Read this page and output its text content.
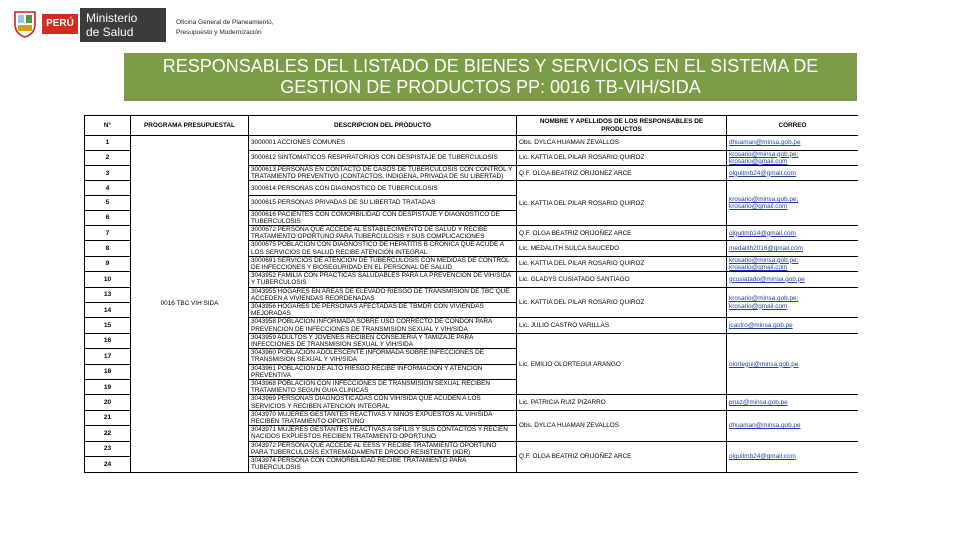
PERÚ	Ministerio
de Salud
Oficina General de Planeamiento,
Presupuesto y Modernización
RESPONSABLES DEL LISTADO DE BIENES Y SERVICIOS EN EL SISTEMA DE
GESTION DE PRODUCTOS PP: 0016 TB-VIH/SIDA
N°	PROGRAMA PRESUPUESTAL	DESCRIPCION DEL PRODUCTO	NOMBRE Y APELLIDOS DE LOS RESPONSABLES DE PRODUCTOS	CORREO
1	0016 TBC VIH SIDA	3000001 ACCIONES COMUNES	Obs. DYLCA HUAMAN ZEVALLOS	dhuaman@minsa.gob.pe
2		3000612 SINTOMATICOS RESPIRATORIOS CON DESPISTAJE DE TUBERCULOSIS	Lic. KATTIA DEL PILAR ROSARIO QUIROZ	krosario@minsa.gob.pe; krosario@gmail.com
3		3000613 PERSONAS EN CONTACTO DE CASOS DE TUBERCULOSIS CON CONTROL Y TRATAMIENTO PREVENTIVO (CONTACTOS, INDIGENA, PRIVADA DE SU LIBERTAD)	Q.F. OLGA BEATRIZ ORIJONEZ ARCE	olguitmb24@gmail.com
4		3000614 PERSONAS CON DIAGNOSTICO DE TUBERCULOSIS	Lic. KATTIA DEL PILAR ROSARIO QUIROZ	krosario@minsa.gob.pe; krosario@gmail.com
5		3000615 PERSONAS PRIVADAS DE SU LIBERTAD TRATADAS		
6		3000616 PACIENTES CON COMORBILIDAD CON DESPISTAJE Y DIAGNOSTICO DE TUBERCULOSIS		
7		3000672 PERSONA QUE ACCEDE AL ESTABLECIMIENTO DE SALUD Y RECIBE TRATAMIENTO OPORTUNO PARA TUBERCULOSIS Y SUS COMPLICACIONES	Q.F. OLGA BEATRIZ ORIJOÑEZ ARCE	olguitmb24@gmail.com
8		3000675 POBLACION CON DIAGNOSTICO DE HEPATITIS B CRONICA QUE ACUDE A LOS SERVICIOS DE SALUD RECIBE ATENCION INTEGRAL	Lic. MEDALITH SULCA SAUCEDO	medalith2016@gmail.com
9		3000691 SERVICIOS DE ATENCION DE TUBERCULOSIS CON MEDIDAS DE CONTROL DE INFECCIONES Y BIOSEGURIDAD EN EL PERSONAL DE SALUD	Lic. KATTIA DEL PILAR ROSARIO QUIROZ	krosario@minsa.gob.pe; krosario@gmail.com
10		3043952 FAMILIA CON PRACTICAS SALUDABLES PARA LA PREVENCION DE VIH/SIDA Y TUBERCULOSIS	Lic. GLADYS CUSIATADO SANTIAGO	gcusiatado@minsa.gob.pe
13		3043955 HOGARES EN AREAS DE ELEVADO RIESGO DE TRANSMISION DE TBC QUE ACCEDEN A VIVIENDAS REORDENADAS	Lic. KATTIA DEL PILAR ROSARIO QUIROZ	krosario@minsa.gob.pe; krosario@gmail.com
14		3043956 HOGARES DE PERSONAS AFECTADAS DE TBMDR CON VIVIENDAS MEJORADAS		
15		3043958 POBLACION INFORMADA SOBRE USO CORRECTO DE CONDON PARA PREVENCION DE INFECCIONES DE TRANSMISION SEXUAL Y VIH/SIDA	Lic. JULIO CASTRO VARILLAS	jcastro@minsa.gob.pe
16		3043959 ADULTOS Y JOVENES RECIBEN CONSEJERIA Y TAMIZAJE PARA INFECCIONES DE TRANSMISION SEXUAL Y VIH/SIDA	Lic. EMILIO OLORTEGUI ARANGO	olortegui@minsa.gob.pe
17		3043960 POBLACION ADOLESCENTE INFORMADA SOBRE INFECCIONES DE TRANSMISION SEXUAL Y VIH/SIDA		
18		3043961 POBLACION DE ALTO RIESGO RECIBE INFORMACION Y ATENCION PREVENTIVA		
19		3043968 POBLACION CON INFECCIONES DE TRANSMISION SEXUAL RECIBEN TRATAMIENTO SEGUN GUIA CLINICAS		
20		3043969 PERSONAS DIAGNOSTICADAS CON VIH/SIDA QUE ACUDEN A LOS SERVICIOS Y RECIBEN ATENCION INTEGRAL	Lic. PATRICIA RUIZ PIZARRO	pruiz@minsa.gob.pe
21		3043970 MUJERES GESTANTES REACTIVAS Y NIÑOS EXPUESTOS AL VIH/SIDA RECIBEN TRATAMIENTO OPORTUNO	Obs. DYLCA HUAMAN ZEVALLOS	dhuaman@minsa.gob.pe
22		3043971 MUJERES GESTANTES REACTIVAS A SIFILIS Y SUS CONTACTOS Y RECIEN NACIDOS EXPUESTOS RECIBEN TRATAMIENTO OPORTUNO		
23		3043972 PERSONA QUE ACCEDE AL EESS Y RECIBE TRATAMIENTO OPORTUNO PARA TUBERCULOSIS EXTREMADAMENTE DROGO RESISTENTE (XDR)	Q.F. OLGA BEATRIZ ORIJOÑEZ ARCE	olguitmb24@gmail.com
24		3043974 PERSONA CON COMORBILIDAD RECIBE TRATAMIENTO PARA TUBERCULOSIS		
